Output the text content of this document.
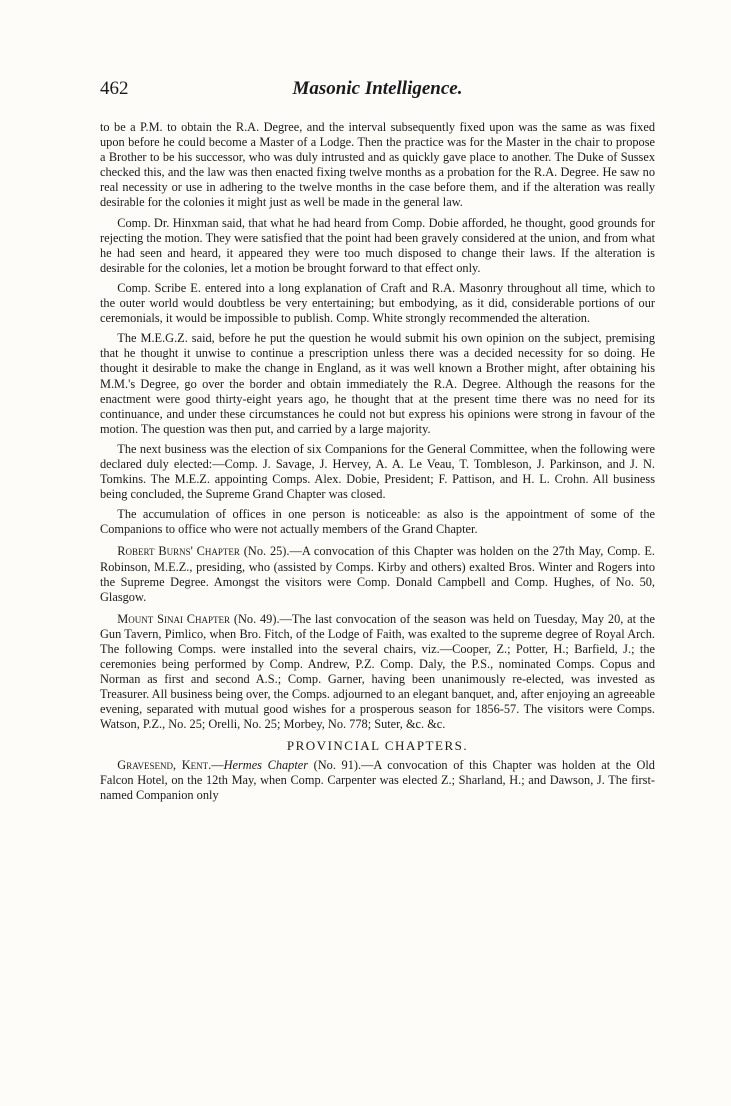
462	Masonic Intelligence.

to be a P.M. to obtain the R.A. Degree, and the interval subsequently fixed upon was the same as was fixed upon before he could become a Master of a Lodge. Then the practice was for the Master in the chair to propose a Brother to be his successor, who was duly intrusted and as quickly gave place to another. The Duke of Sussex checked this, and the law was then enacted fixing twelve months as a probation for the R.A. Degree. He saw no real necessity or use in adhering to the twelve months in the case before them, and if the alteration was really desirable for the colonies it might just as well be made in the general law.

Comp. Dr. Hinxman said, that what he had heard from Comp. Dobie afforded, he thought, good grounds for rejecting the motion. They were satisfied that the point had been gravely considered at the union, and from what he had seen and heard, it appeared they were too much disposed to change their laws. If the alteration is desirable for the colonies, let a motion be brought forward to that effect only.

Comp. Scribe E. entered into a long explanation of Craft and R.A. Masonry throughout all time, which to the outer world would doubtless be very entertaining; but embodying, as it did, considerable portions of our ceremonials, it would be impossible to publish. Comp. White strongly recommended the alteration.

The M.E.G.Z. said, before he put the question he would submit his own opinion on the subject, premising that he thought it unwise to continue a prescription unless there was a decided necessity for so doing. He thought it desirable to make the change in England, as it was well known a Brother might, after obtaining his M.M.'s Degree, go over the border and obtain immediately the R.A. Degree. Although the reasons for the enactment were good thirty-eight years ago, he thought that at the present time there was no need for its continuance, and under these circumstances he could not but express his opinions were strong in favour of the motion. The question was then put, and carried by a large majority.

The next business was the election of six Companions for the General Committee, when the following were declared duly elected:—Comp. J. Savage, J. Hervey, A. A. Le Veau, T. Tombleson, J. Parkinson, and J. N. Tomkins. The M.E.Z. appointing Comps. Alex. Dobie, President; F. Pattison, and H. L. Crohn. All business being concluded, the Supreme Grand Chapter was closed.

The accumulation of offices in one person is noticeable: as also is the appointment of some of the Companions to office who were not actually members of the Grand Chapter.

Robert Burns' Chapter (No. 25).—A convocation of this Chapter was holden on the 27th May, Comp. E. Robinson, M.E.Z., presiding, who (assisted by Comps. Kirby and others) exalted Bros. Winter and Rogers into the Supreme Degree. Amongst the visitors were Comp. Donald Campbell and Comp. Hughes, of No. 50, Glasgow.

Mount Sinai Chapter (No. 49).—The last convocation of the season was held on Tuesday, May 20, at the Gun Tavern, Pimlico, when Bro. Fitch, of the Lodge of Faith, was exalted to the supreme degree of Royal Arch. The following Comps. were installed into the several chairs, viz.—Cooper, Z.; Potter, H.; Barfield, J.; the ceremonies being performed by Comp. Andrew, P.Z. Comp. Daly, the P.S., nominated Comps. Copus and Norman as first and second A.S.; Comp. Garner, having been unanimously re-elected, was invested as Treasurer. All business being over, the Comps. adjourned to an elegant banquet, and, after enjoying an agreeable evening, separated with mutual good wishes for a prosperous season for 1856-57. The visitors were Comps. Watson, P.Z., No. 25; Orelli, No. 25; Morbey, No. 778; Suter, &c. &c.

PROVINCIAL CHAPTERS.

Gravesend, Kent.—Hermes Chapter (No. 91).—A convocation of this Chapter was holden at the Old Falcon Hotel, on the 12th May, when Comp. Carpenter was elected Z.; Sharland, H.; and Dawson, J. The first-named Companion only
